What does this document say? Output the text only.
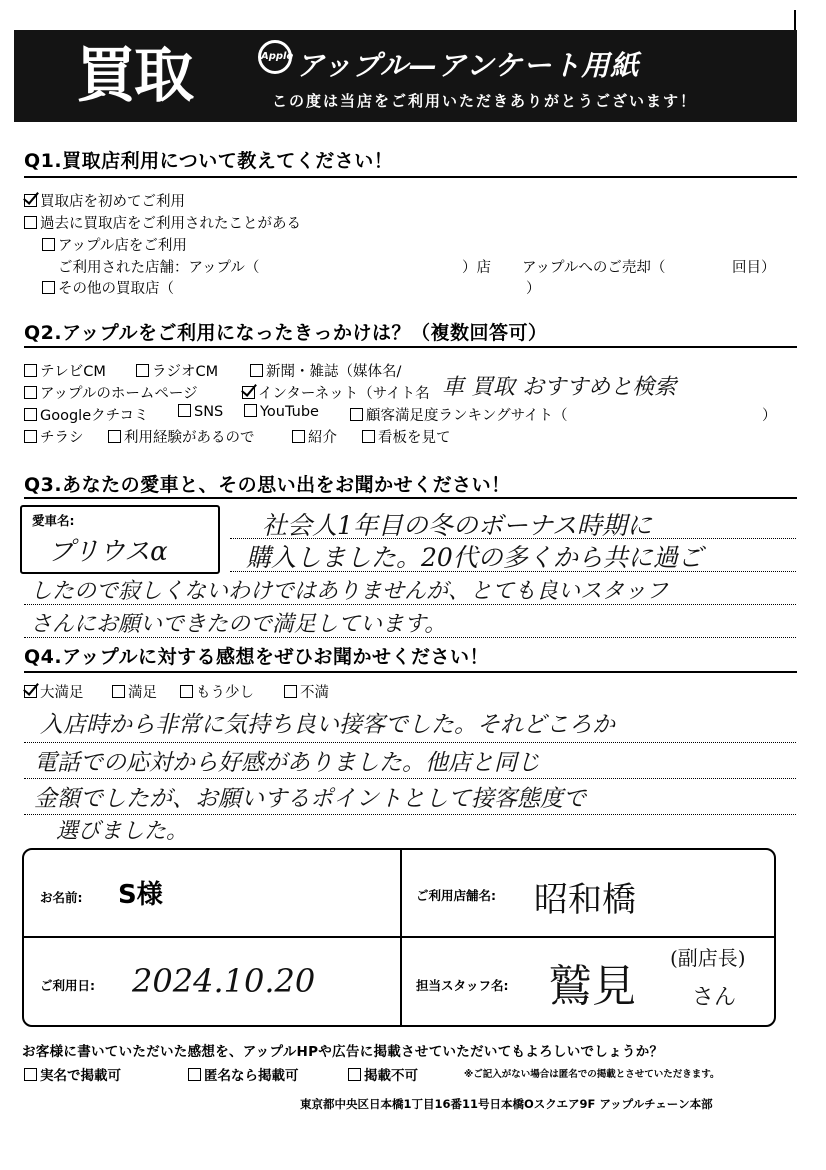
買取	Apple アップル—アンケート用紙
この度は当店をご利用いただきありがとうございます！
Q1.買取店利用について教えてください！
買取店を初めてご利用
過去に買取店をご利用されたことがある
アップル店をご利用
ご利用された店舗：アップル（	）店 アップルへのご売却（	回目）
その他の買取店（	）
Q2.アップルをご利用になったきっかけは？（複数回答可）
テレビCM	ラジオCM	新聞・雑誌（媒体名/
アップルのホームページ	インターネット（サイト名 車 買取 おすすめと検索
Googleクチコミ	SNS	YouTube	顧客満足度ランキングサイト（	）
チラシ	利用経験があるので	紹介	看板を見て
Q3.あなたの愛車と、その思い出をお聞かせください！
愛車名:
プリウスα
社会人1年目の冬のボーナス時期に
購入しました。20代の多くから共に過ご
したので寂しくないわけではありませんが、とても良いスタッフ
さんにお願いできたので満足しています。
Q4.アップルに対する感想をぜひお聞かせください！
大満足	満足	もう少し	不満
入店時から非常に気持ち良い接客でした。それどころか
電話での応対から好感がありました。他店と同じ
金額でしたが、お願いするポイントとして接客態度で
選びました。
お名前: S様	ご利用店舗名: 昭和橋
ご利用日: 2024.10.20	担当スタッフ名: 鷲見
(副店長)
さん
お客様に書いていただいた感想を、アップルHPや広告に掲載させていただいてもよろしいでしょうか？
実名で掲載可	匿名なら掲載可	掲載不可	※ご記入がない場合は匿名での掲載とさせていただきます。
東京都中央区日本橋1丁目16番11号日本橋Oスクエア9F アップルチェーン本部
